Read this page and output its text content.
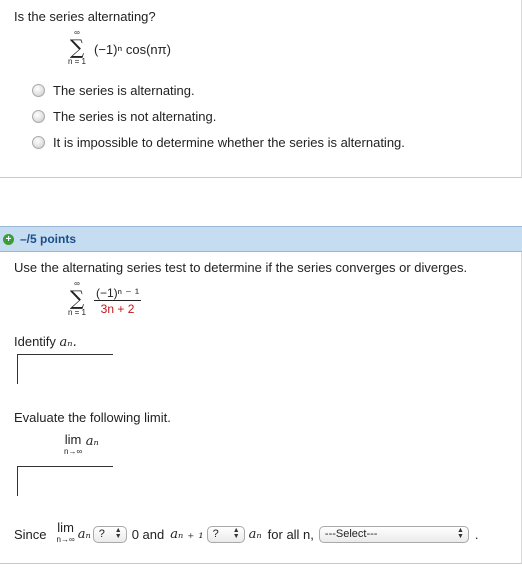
Is the series alternating?
∞
∑
n = 1
(−1)ⁿ cos(nπ)
The series is alternating.
The series is not alternating.
It is impossible to determine whether the series is alternating.
+ –/5 points
Use the alternating series test to determine if the series converges or diverges.
∞
∑
$n = 1 \frac{\text{(−1)ⁿ ⁻ ¹}}{3n + 2}$
Identify aₙ.
Evaluate the following limit.
lim
n→∞
aₙ
Since lim
n→∞ aₙ ? ▲
▼ 0 and aₙ ₊ ₁ ? ▲
▼ aₙ for all n, ---Select---	▲
▼ .
